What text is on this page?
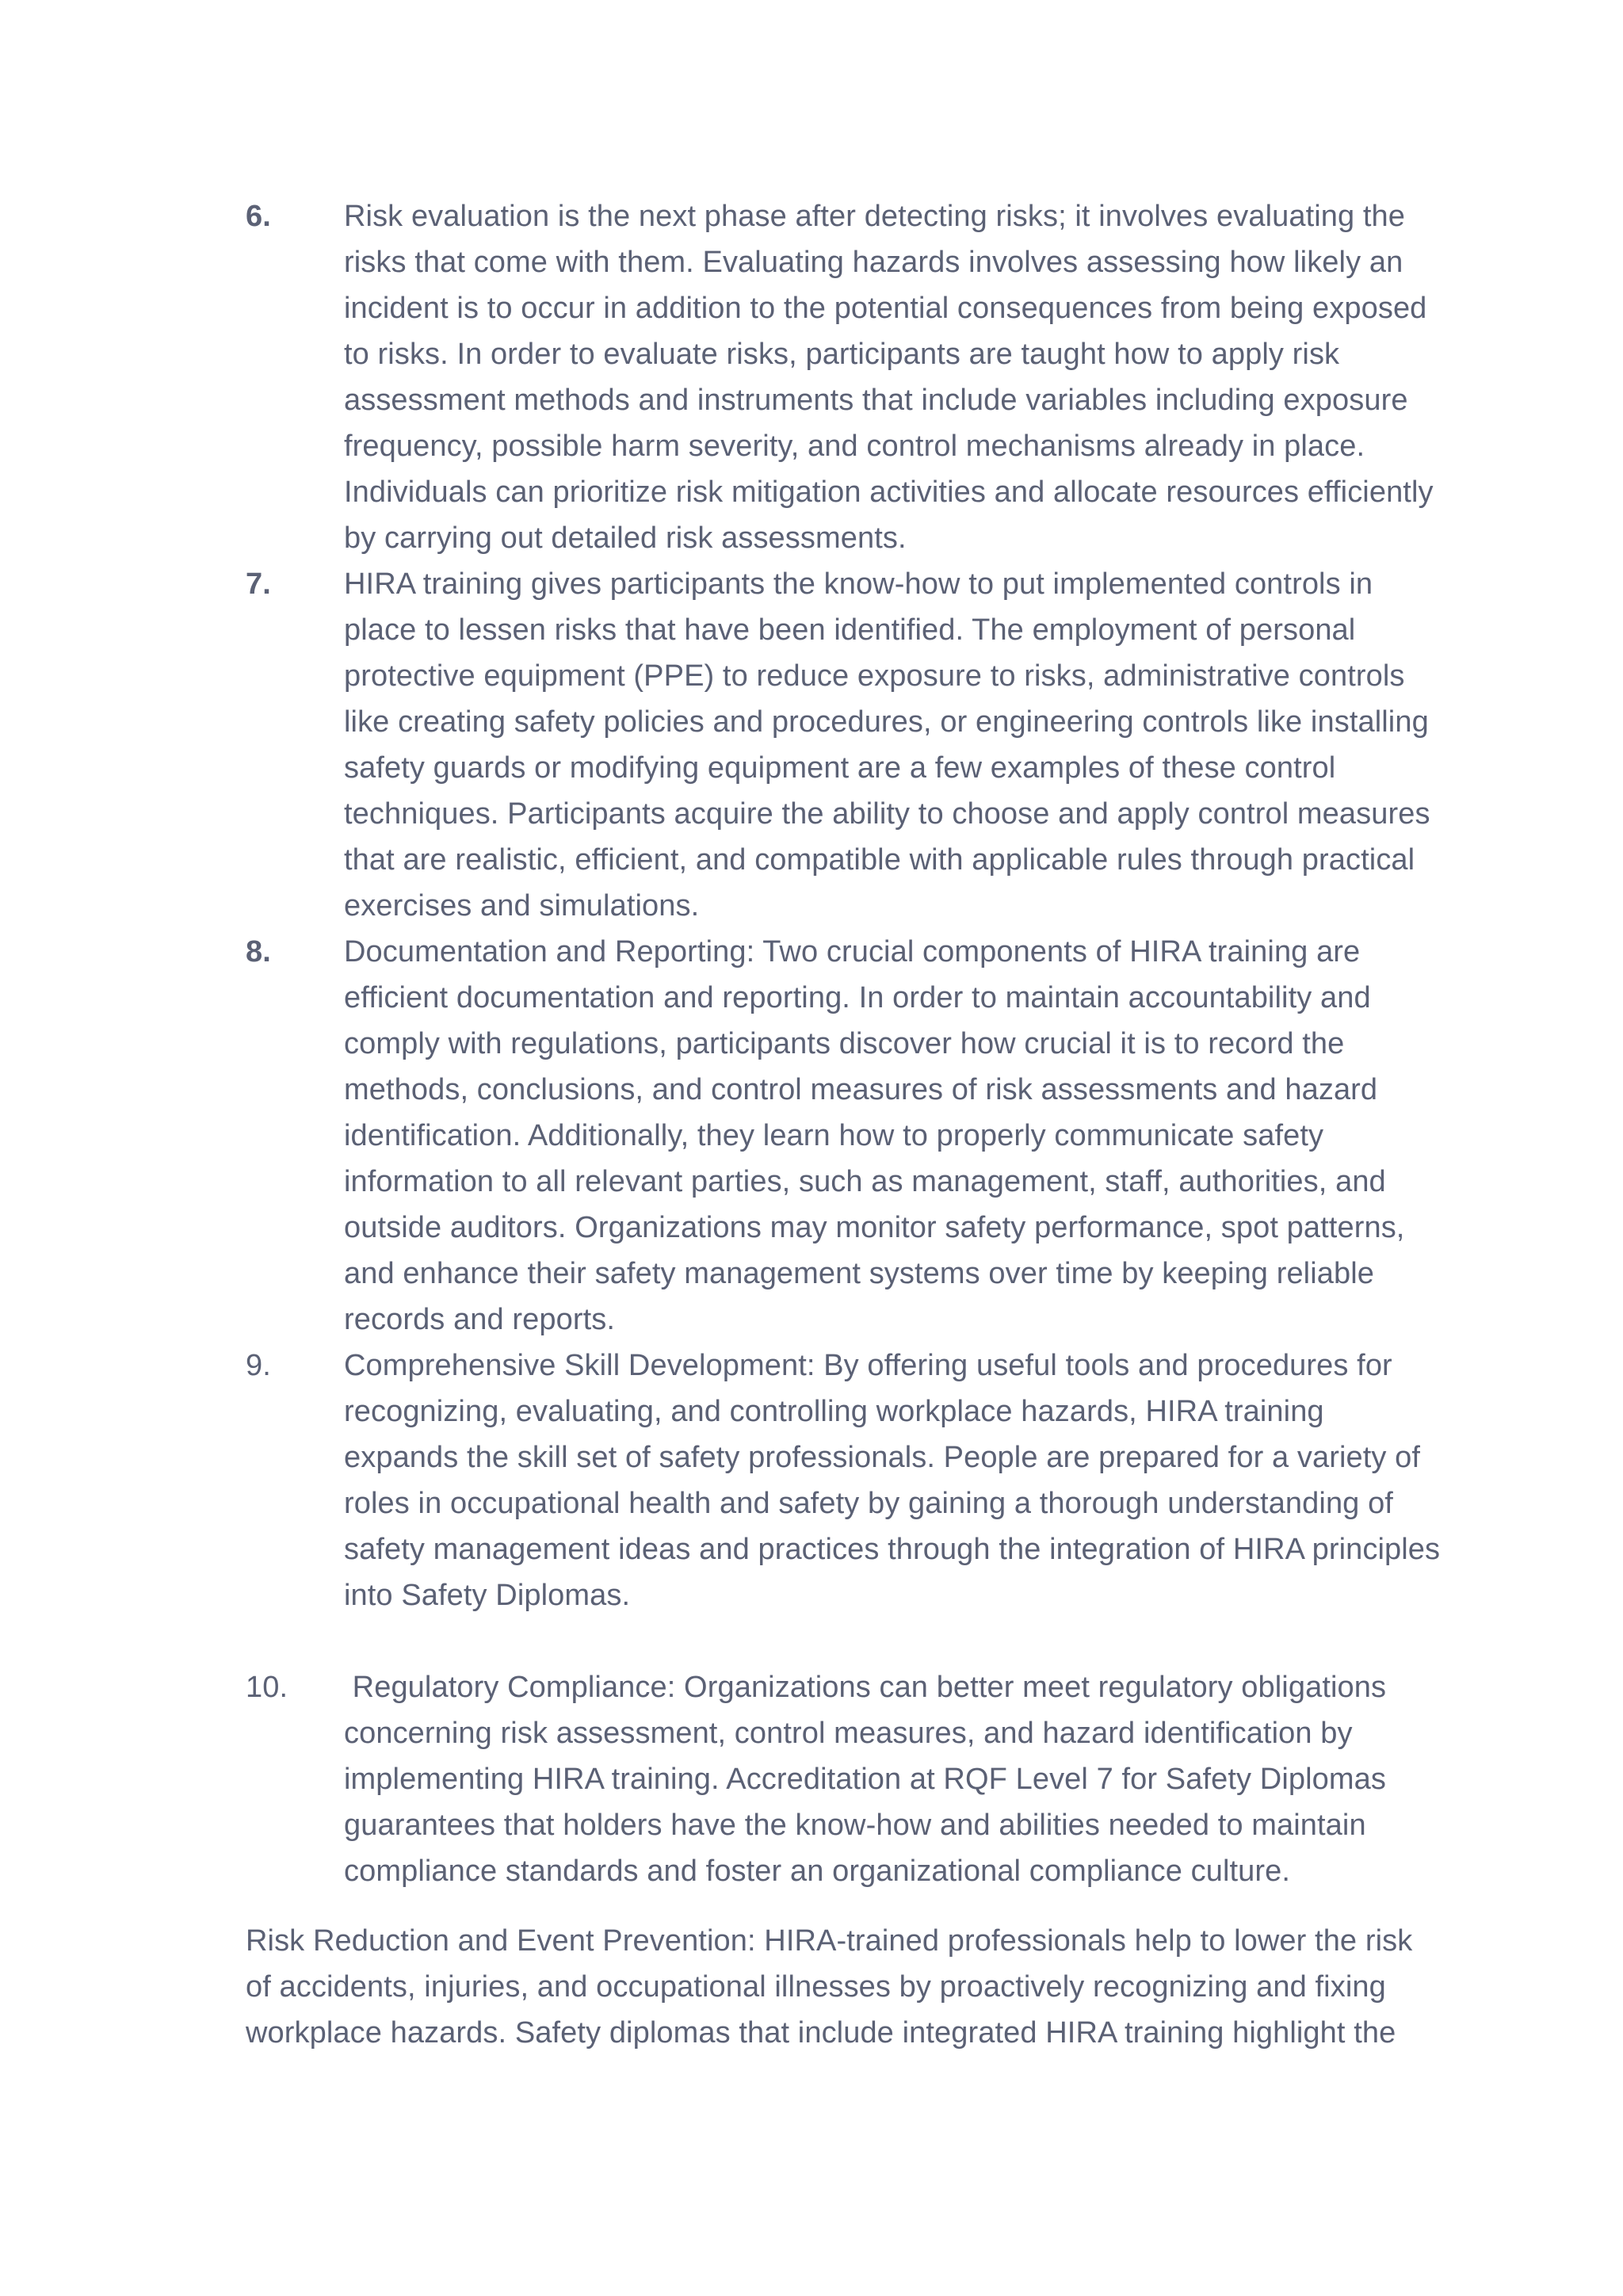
6.	Risk evaluation is the next phase after detecting risks; it involves evaluating the risks that come with them. Evaluating hazards involves assessing how likely an incident is to occur in addition to the potential consequences from being exposed to risks. In order to evaluate risks, participants are taught how to apply risk assessment methods and instruments that include variables including exposure frequency, possible harm severity, and control mechanisms already in place. Individuals can prioritize risk mitigation activities and allocate resources efficiently by carrying out detailed risk assessments.
7.	HIRA training gives participants the know-how to put implemented controls in place to lessen risks that have been identified. The employment of personal protective equipment (PPE) to reduce exposure to risks, administrative controls like creating safety policies and procedures, or engineering controls like installing safety guards or modifying equipment are a few examples of these control techniques. Participants acquire the ability to choose and apply control measures that are realistic, efficient, and compatible with applicable rules through practical exercises and simulations.
8.	Documentation and Reporting: Two crucial components of HIRA training are efficient documentation and reporting. In order to maintain accountability and comply with regulations, participants discover how crucial it is to record the methods, conclusions, and control measures of risk assessments and hazard identification. Additionally, they learn how to properly communicate safety information to all relevant parties, such as management, staff, authorities, and outside auditors. Organizations may monitor safety performance, spot patterns, and enhance their safety management systems over time by keeping reliable records and reports.
9.	Comprehensive Skill Development: By offering useful tools and procedures for recognizing, evaluating, and controlling workplace hazards, HIRA training expands the skill set of safety professionals. People are prepared for a variety of roles in occupational health and safety by gaining a thorough understanding of safety management ideas and practices through the integration of HIRA principles into Safety Diplomas.
10.	Regulatory Compliance: Organizations can better meet regulatory obligations concerning risk assessment, control measures, and hazard identification by implementing HIRA training. Accreditation at RQF Level 7 for Safety Diplomas guarantees that holders have the know-how and abilities needed to maintain compliance standards and foster an organizational compliance culture.

Risk Reduction and Event Prevention: HIRA-trained professionals help to lower the risk of accidents, injuries, and occupational illnesses by proactively recognizing and fixing workplace hazards. Safety diplomas that include integrated HIRA training highlight the
